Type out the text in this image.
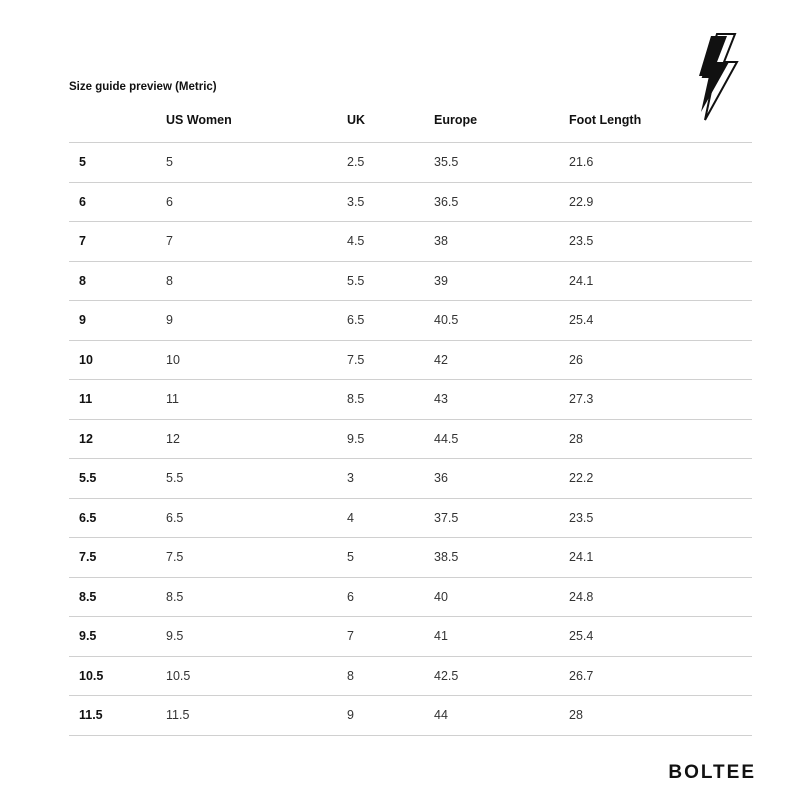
Size guide preview (Metric)
	US Women	UK	Europe	Foot Length
5	5	2.5	35.5	21.6
6	6	3.5	36.5	22.9
7	7	4.5	38	23.5
8	8	5.5	39	24.1
9	9	6.5	40.5	25.4
10	10	7.5	42	26
11	11	8.5	43	27.3
12	12	9.5	44.5	28
5.5	5.5	3	36	22.2
6.5	6.5	4	37.5	23.5
7.5	7.5	5	38.5	24.1
8.5	8.5	6	40	24.8
9.5	9.5	7	41	25.4
10.5	10.5	8	42.5	26.7
11.5	11.5	9	44	28
BOLTEE
